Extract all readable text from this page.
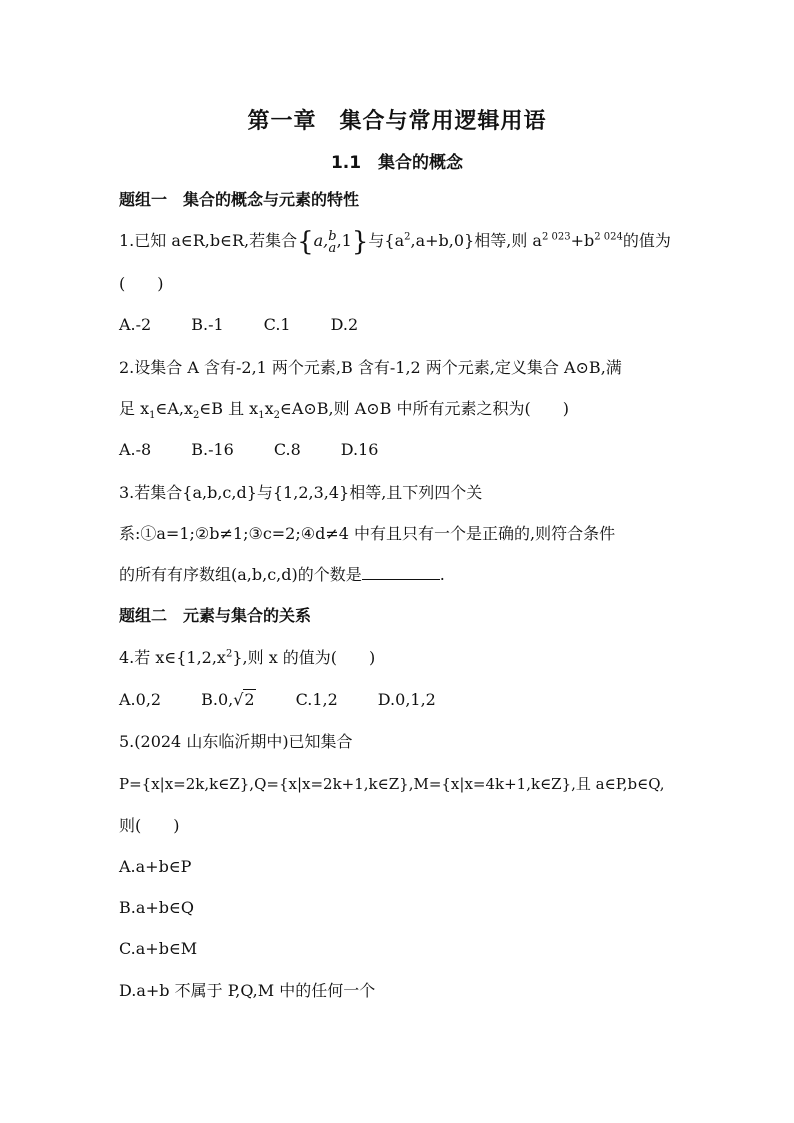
第一章　集合与常用逻辑用语
1.1　集合的概念
题组一　集合的概念与元素的特性
1.已知 a∈R,b∈R,若集合{a, b
a ,1}与$\{a^2,a+b,0\}$相等,则 $a^{2 023}+b^{2 024}$的值为
(　　)
A.-2	B.-1	C.1	D.2
2.设集合 A 含有-2,1 两个元素,B 含有-1,2 两个元素,定义集合 A⊙B,满
足 $x_1\in A,x_2\in B$ 且 $x_1x_2\in A⊙B$,则 A⊙B 中所有元素之积为(　　)
A.-8	B.-16	C.8	D.16
3.若集合{a,b,c,d}与{1,2,3,4}相等,且下列四个关
系:①a=1;②b≠1;③c=2;④d≠4 中有且只有一个是正确的,则符合条件
的所有有序数组(a,b,c,d)的个数是	.
题组二　元素与集合的关系
4.若 $x\in\{1,2,x^2\}$,则 x 的值为(　　)
A.0,2	B.0,√2	C.1,2	D.0,1,2
5.(2024 山东临沂期中)已知集合
P={x|x=2k,k∈Z},Q={x|x=2k+1,k∈Z},M={x|x=4k+1,k∈Z},且 a∈P,b∈Q,
则(　　)
A.a+b∈P
B.a+b∈Q
C.a+b∈M
D.a+b 不属于 P,Q,M 中的任何一个
